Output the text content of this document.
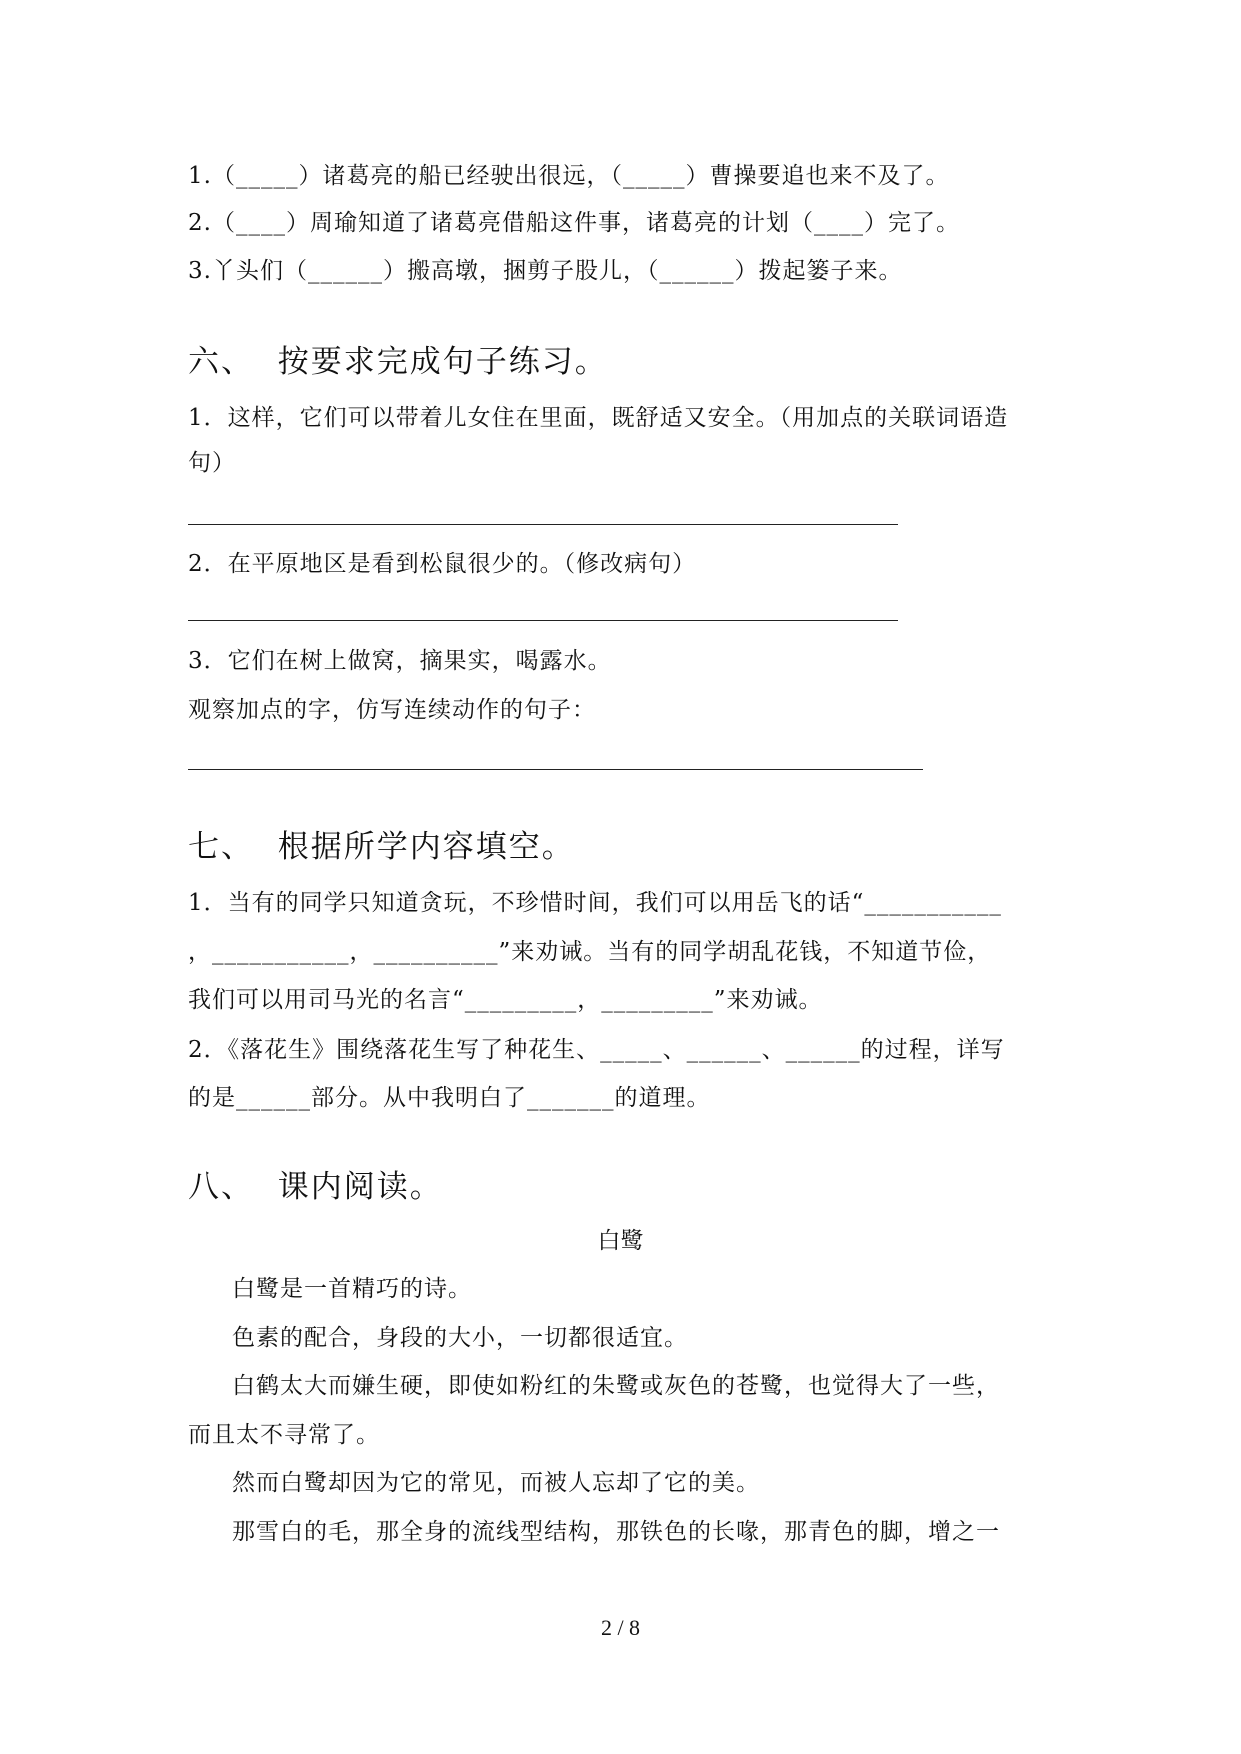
1.（_____）诸葛亮的船已经驶出很远，（_____）曹操要追也来不及了。
2.（____）周瑜知道了诸葛亮借船这件事，诸葛亮的计划（____）完了。
3.丫头们（______）搬高墩，捆剪子股儿，（______）拨起篓子来。
六、  按要求完成句子练习。
1．这样，它们可以带着儿女住在里面，既舒适又安全。（用加点的关联词语造
句）
2．在平原地区是看到松鼠很少的。（修改病句）
3．它们在树上做窝，摘果实，喝露水。
观察加点的字，仿写连续动作的句子：
七、  根据所学内容填空。
1．当有的同学只知道贪玩，不珍惜时间，我们可以用岳飞的话“___________
，___________，__________”来劝诫。当有的同学胡乱花钱，不知道节俭，
我们可以用司马光的名言“_________，_________”来劝诫。
2．《落花生》围绕落花生写了种花生、_____、______、______的过程，详写
的是______部分。从中我明白了_______的道理。
八、  课内阅读。
白鹭
白鹭是一首精巧的诗。
色素的配合，身段的大小，一切都很适宜。
白鹤太大而嫌生硬，即使如粉红的朱鹭或灰色的苍鹭，也觉得大了一些，
而且太不寻常了。
然而白鹭却因为它的常见，而被人忘却了它的美。
那雪白的毛，那全身的流线型结构，那铁色的长喙，那青色的脚，增之一
2 / 8
